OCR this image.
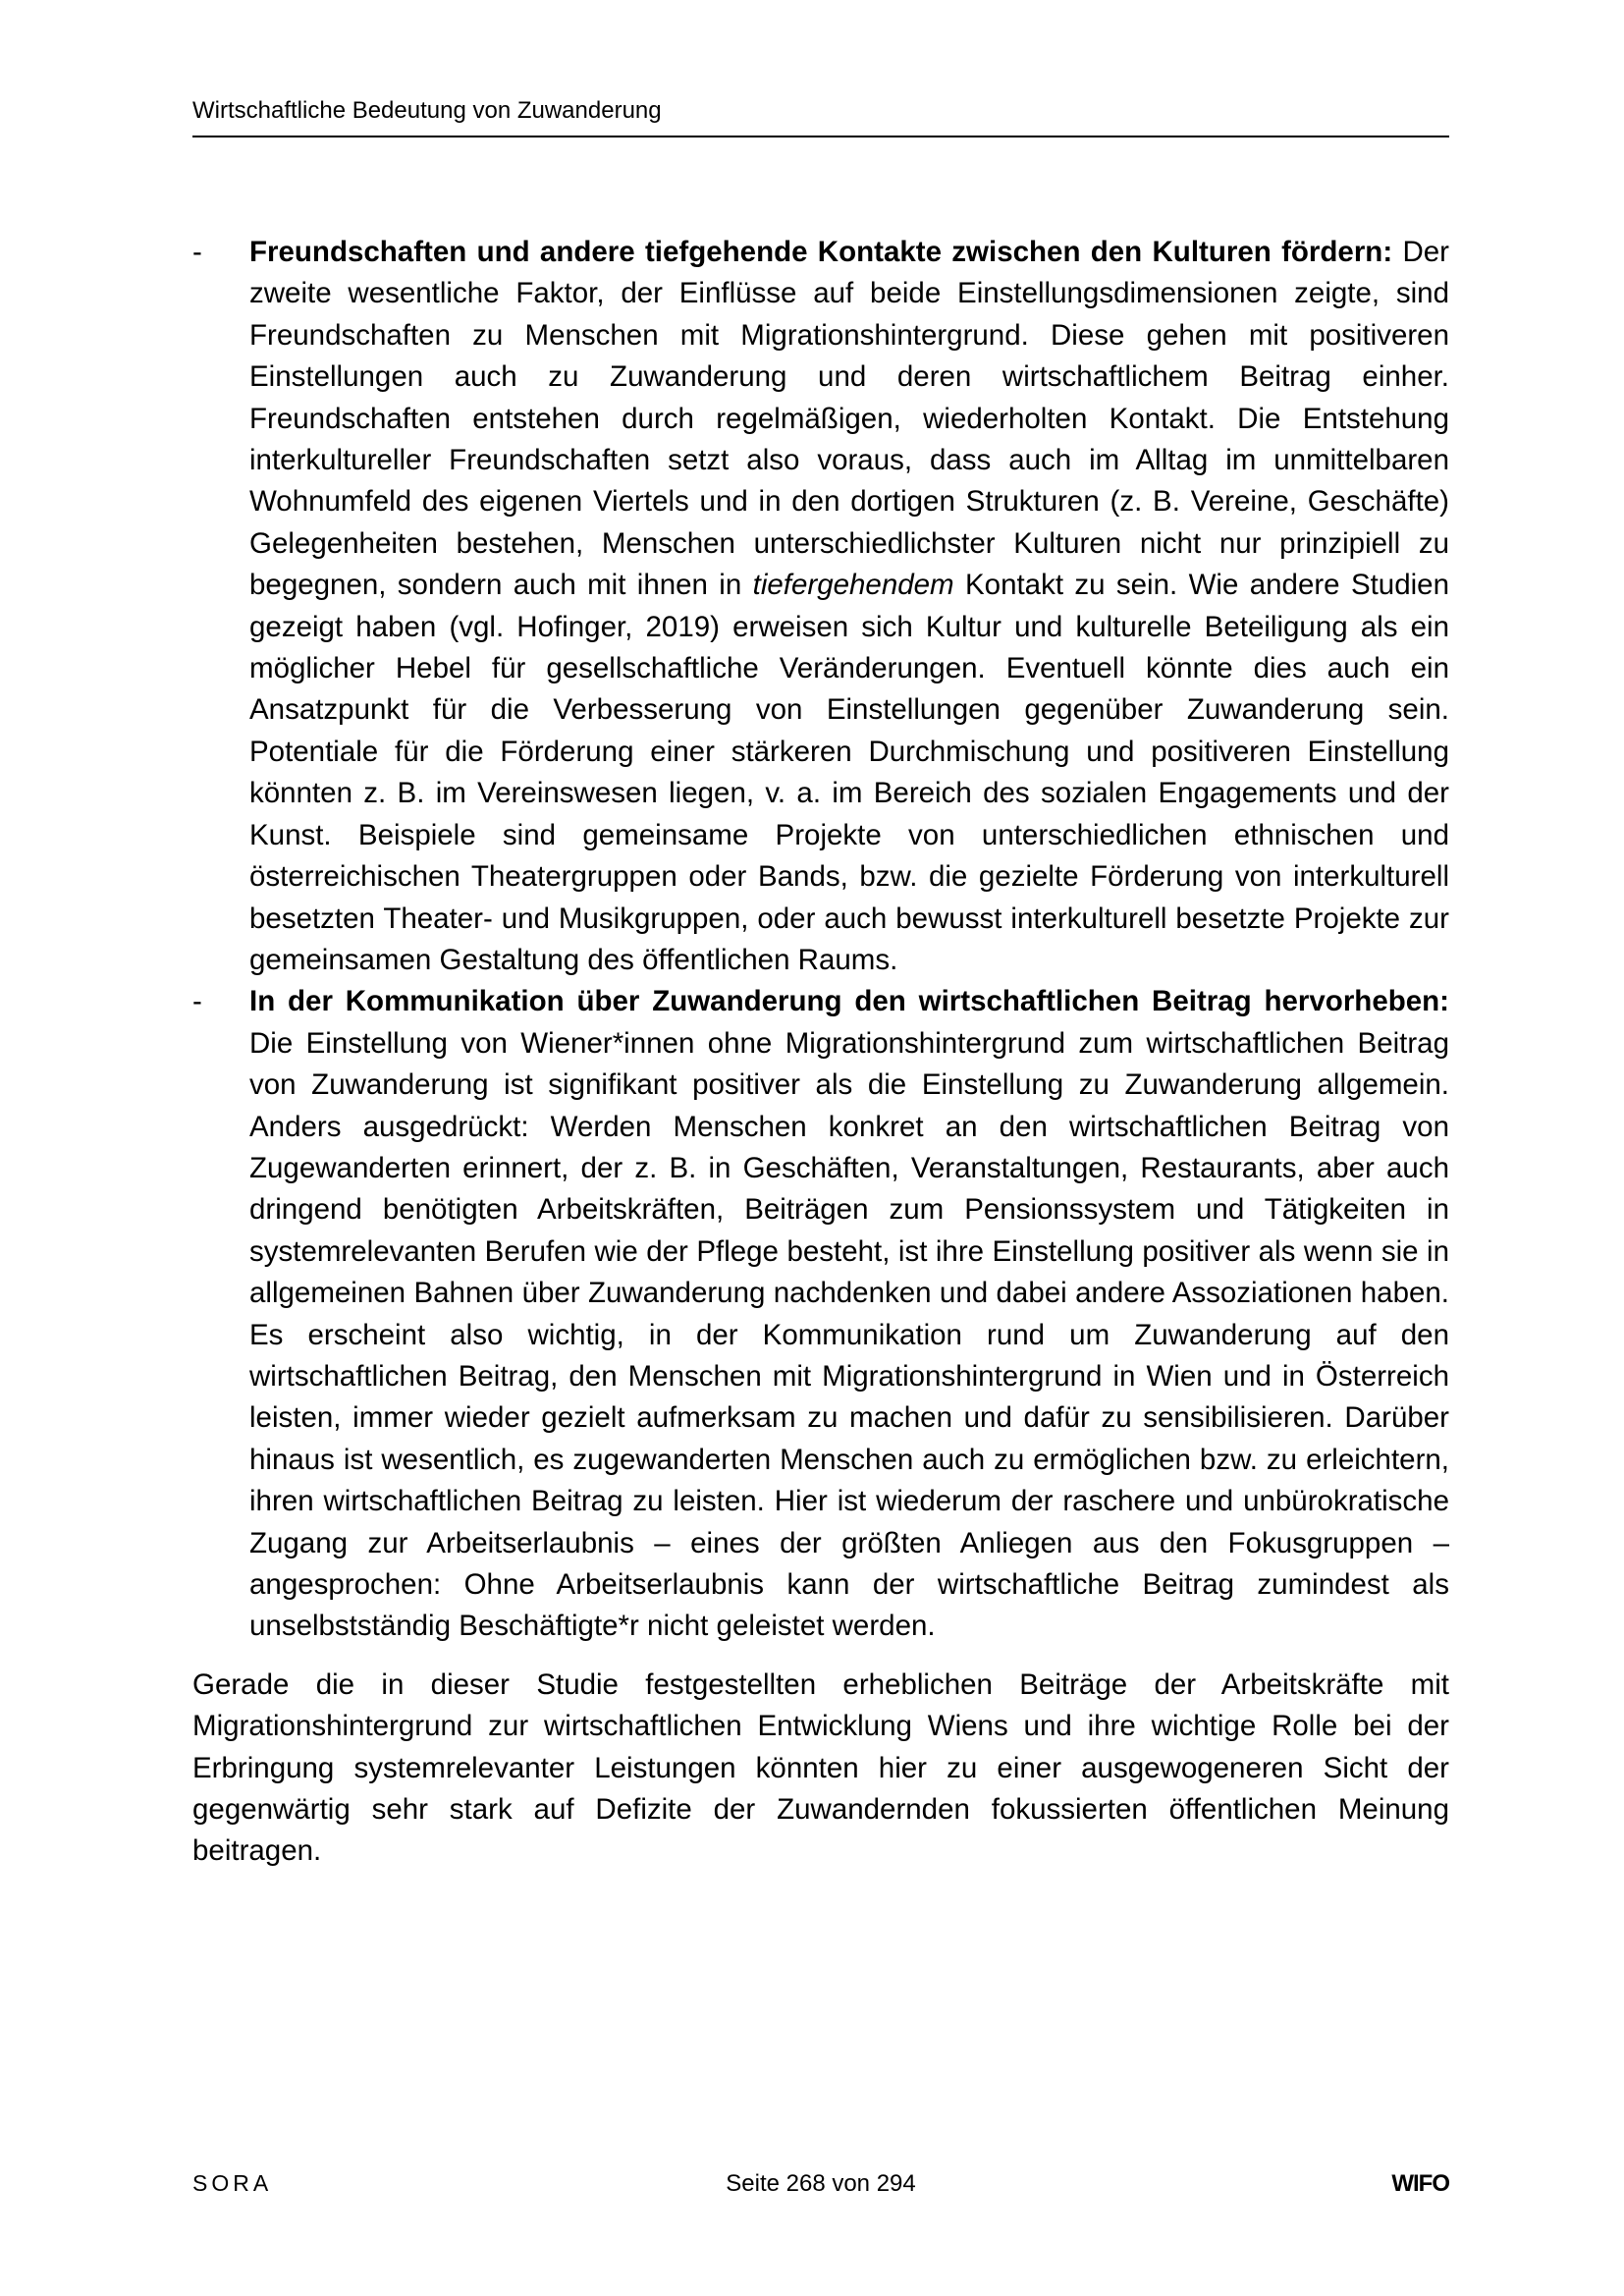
Wirtschaftliche Bedeutung von Zuwanderung
- Freundschaften und andere tiefgehende Kontakte zwischen den Kulturen fördern: Der zweite wesentliche Faktor, der Einflüsse auf beide Einstellungsdimensionen zeigte, sind Freundschaften zu Menschen mit Migrationshintergrund. Diese gehen mit positiveren Einstellungen auch zu Zuwanderung und deren wirtschaftlichem Beitrag einher. Freundschaften entstehen durch regelmäßigen, wiederholten Kontakt. Die Entstehung interkultureller Freundschaften setzt also voraus, dass auch im Alltag im unmittelbaren Wohnumfeld des eigenen Viertels und in den dortigen Strukturen (z. B. Vereine, Geschäfte) Gelegenheiten bestehen, Menschen unterschiedlichster Kulturen nicht nur prinzipiell zu begegnen, sondern auch mit ihnen in tiefergehendem Kontakt zu sein. Wie andere Studien gezeigt haben (vgl. Hofinger, 2019) erweisen sich Kultur und kulturelle Beteiligung als ein möglicher Hebel für gesellschaftliche Veränderungen. Eventuell könnte dies auch ein Ansatzpunkt für die Verbesserung von Einstellungen gegenüber Zuwanderung sein. Potentiale für die Förderung einer stärkeren Durchmischung und positiveren Einstellung könnten z. B. im Vereinswesen liegen, v. a. im Bereich des sozialen Engagements und der Kunst. Beispiele sind gemeinsame Projekte von unterschiedlichen ethnischen und österreichischen Theatergruppen oder Bands, bzw. die gezielte Förderung von interkulturell besetzten Theater- und Musikgruppen, oder auch bewusst interkulturell besetzte Projekte zur gemeinsamen Gestaltung des öffentlichen Raums.

- In der Kommunikation über Zuwanderung den wirtschaftlichen Beitrag hervorheben: Die Einstellung von Wiener*innen ohne Migrationshintergrund zum wirtschaftlichen Beitrag von Zuwanderung ist signifikant positiver als die Einstellung zu Zuwanderung allgemein. Anders ausgedrückt: Werden Menschen konkret an den wirtschaftlichen Beitrag von Zugewanderten erinnert, der z. B. in Geschäften, Veranstaltungen, Restaurants, aber auch dringend benötigten Arbeitskräften, Beiträgen zum Pensionssystem und Tätigkeiten in systemrelevanten Berufen wie der Pflege besteht, ist ihre Einstellung positiver als wenn sie in allgemeinen Bahnen über Zuwanderung nachdenken und dabei andere Assoziationen haben. Es erscheint also wichtig, in der Kommunikation rund um Zuwanderung auf den wirtschaftlichen Beitrag, den Menschen mit Migrationshintergrund in Wien und in Österreich leisten, immer wieder gezielt aufmerksam zu machen und dafür zu sensibilisieren. Darüber hinaus ist wesentlich, es zugewanderten Menschen auch zu ermöglichen bzw. zu erleichtern, ihren wirtschaftlichen Beitrag zu leisten. Hier ist wiederum der raschere und unbürokratische Zugang zur Arbeitserlaubnis – eines der größten Anliegen aus den Fokusgruppen – angesprochen: Ohne Arbeitserlaubnis kann der wirtschaftliche Beitrag zumindest als unselbstständig Beschäftigte*r nicht geleistet werden.

Gerade die in dieser Studie festgestellten erheblichen Beiträge der Arbeitskräfte mit Migrationshintergrund zur wirtschaftlichen Entwicklung Wiens und ihre wichtige Rolle bei der Erbringung systemrelevanter Leistungen könnten hier zu einer ausgewogeneren Sicht der gegenwärtig sehr stark auf Defizite der Zuwandernden fokussierten öffentlichen Meinung beitragen.

SORA	Seite 268 von 294	WIFO
